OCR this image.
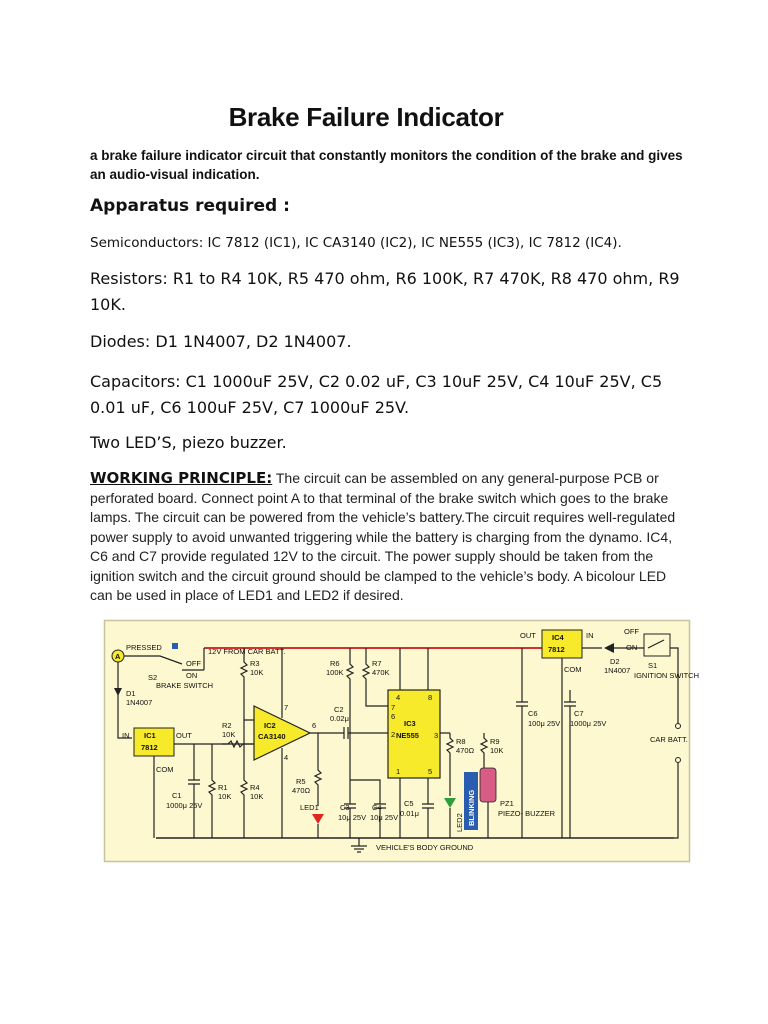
Brake Failure Indicator
a brake failure indicator circuit that constantly monitors the condition of the brake and gives an audio-visual indication.
Apparatus required :
Semiconductors: IC 7812 (IC1), IC CA3140 (IC2), IC NE555 (IC3), IC 7812 (IC4).
Resistors: R1 to R4 10K, R5 470 ohm, R6 100K, R7 470K, R8 470 ohm, R9 10K.
Diodes: D1 1N4007, D2 1N4007.
Capacitors: C1 1000uF 25V, C2 0.02 uF, C3 10uF 25V, C4 10uF 25V, C5 0.01 uF, C6 100uF 25V, C7 1000uF 25V.
Two LED’S, piezo buzzer.
WORKING PRINCIPLE: The circuit can be assembled on any general-purpose PCB or perforated board. Connect point A to that terminal of the brake switch which goes to the brake lamps. The circuit can be powered from the vehicle’s battery.The circuit requires well-regulated power supply to avoid unwanted triggering while the battery is charging from the dynamo. IC4, C6 and C7 provide regulated 12V to the circuit. The power supply should be taken from the ignition switch and the circuit ground should be clamped to the vehicle’s body. A bicolour LED can be used in place of LED1 and LED2 if desired.
VEHICLE'S BODY GROUND
A
PRESSED
S2
OFF
ON
BRAKE SWITCH
12V FROM CAR BATT.
D1
1N4007
IC1
7812
IN	OUT
COM
C1
1000μ 25V
R1
10K
R2
10K
R3
10K
R4
10K
IC2
CA3140
7
6
4
R5
470Ω
LED1
C2
0.02μ
C3
10μ 25V
C4
10μ 25V
R6
100K
R7
470K
IC3
NE555
4	8
7
6
2	3
1	5
C5
0.01μ
R8
470Ω
BLINKING
LED2
R9
10K
PZ1
PIEZO- BUZZER
IC4
7812
OUT	IN
COM
D2
1N4007
C6
100μ 25V
C7
1000μ 25V
OFF
ON
S1
IGNITION SWITCH
CAR BATT.
